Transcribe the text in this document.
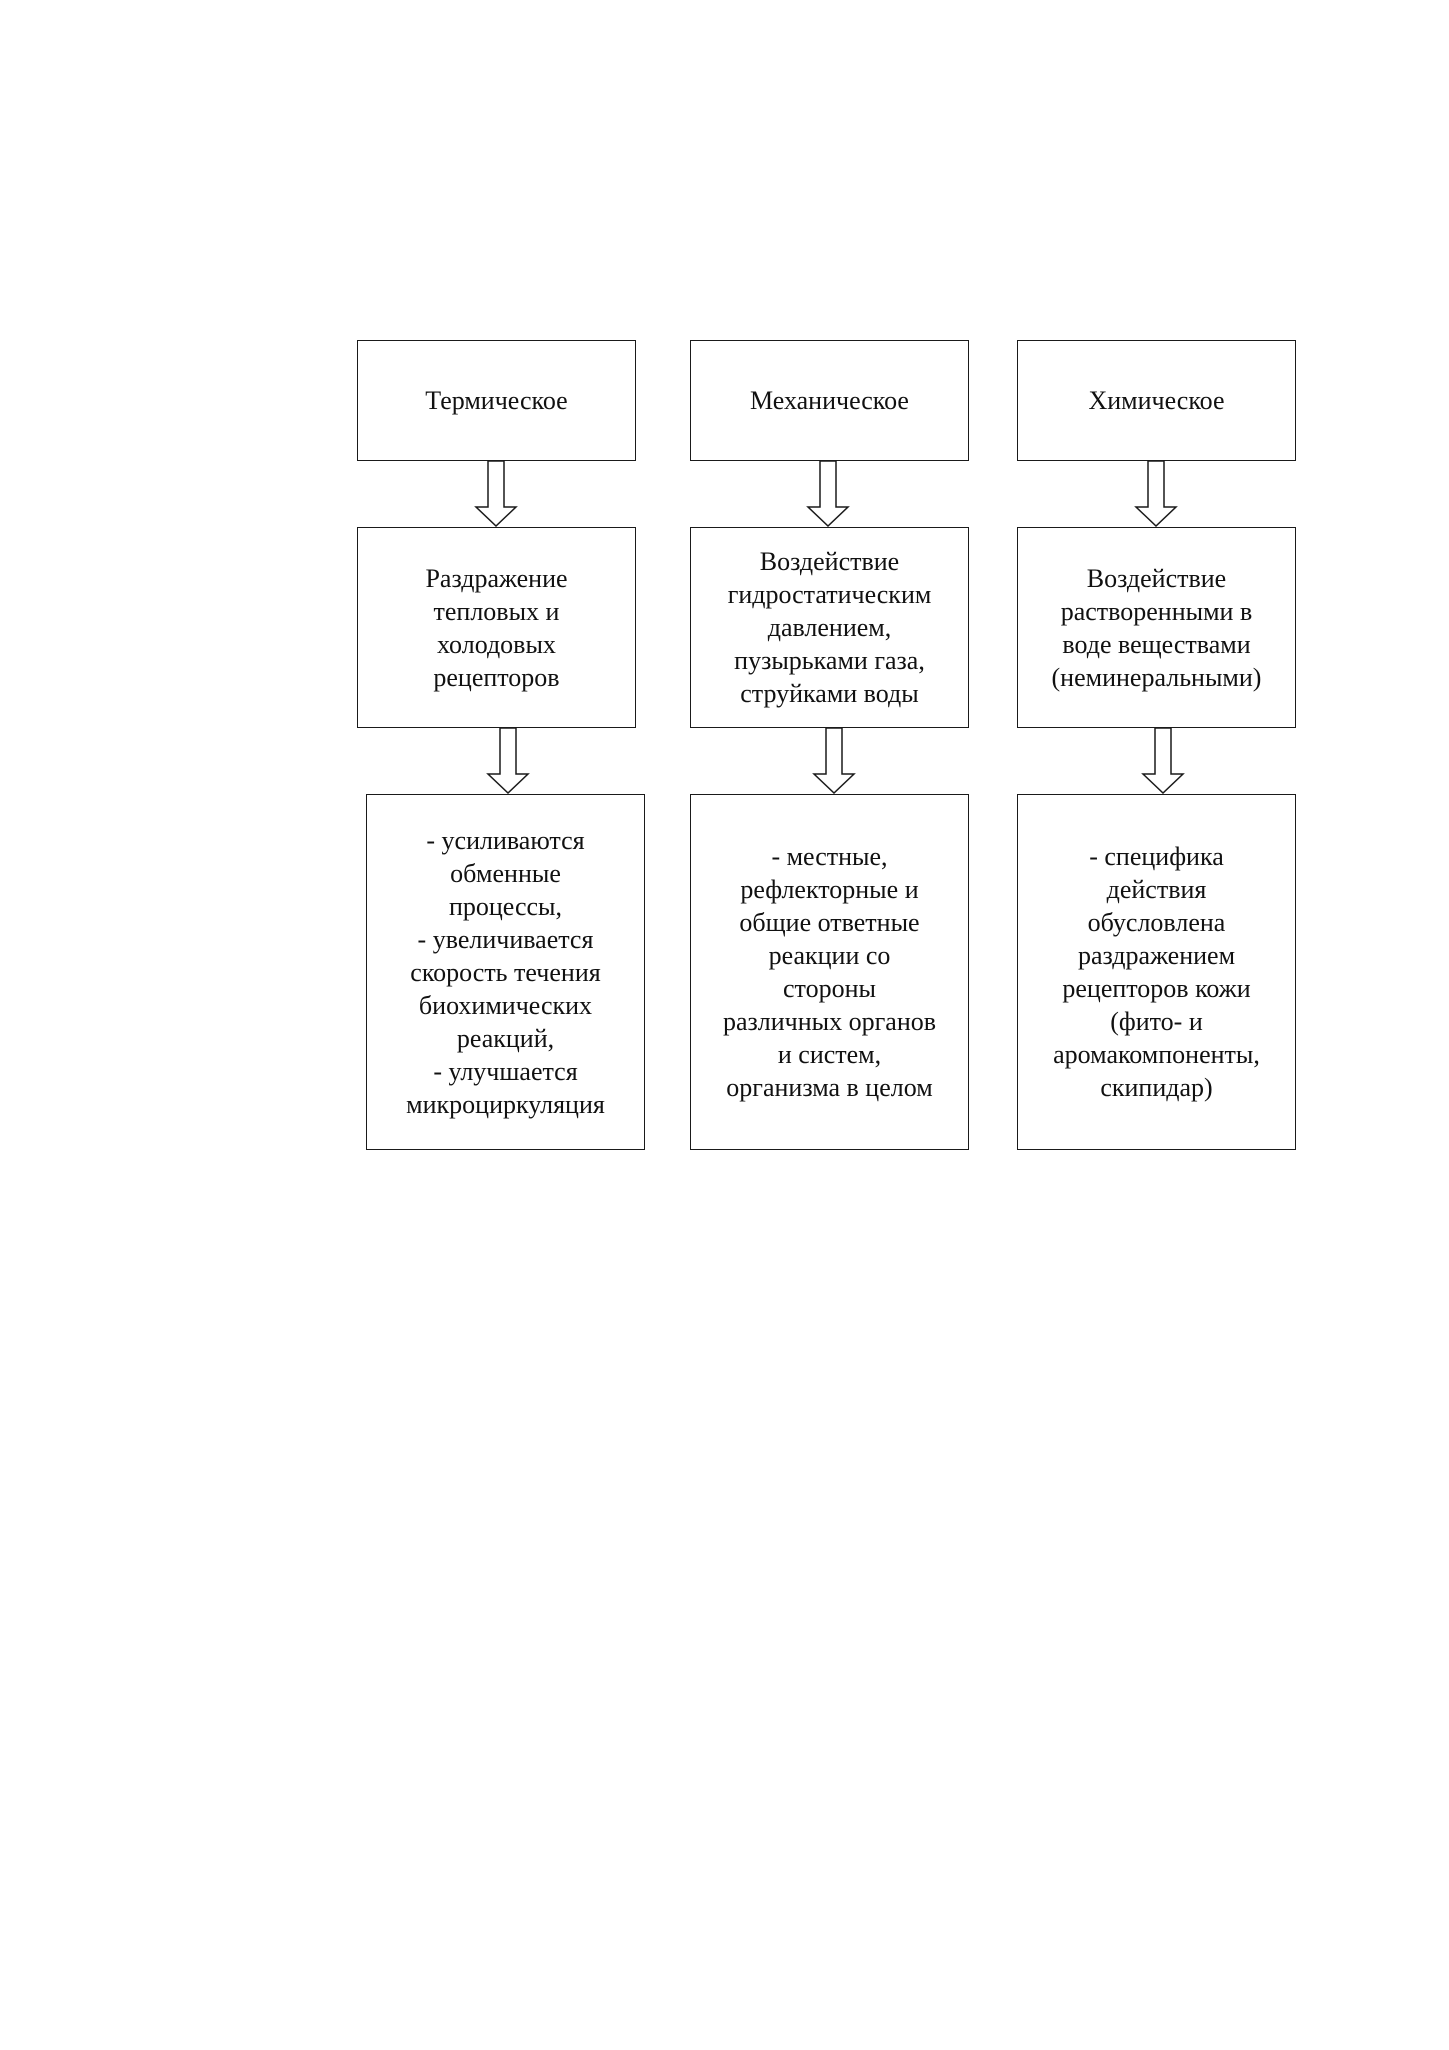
Термическое
Раздражение
тепловых и
холодовых
рецепторов
- усиливаются
обменные
процессы,
- увеличивается
скорость течения
биохимических
реакций,
- улучшается
микроциркуляция
Механическое
Воздействие
гидростатическим
давлением,
пузырьками газа,
струйками воды
- местные,
рефлекторные и
общие ответные
реакции со
стороны
различных органов
и систем,
организма в целом
Химическое
Воздействие
растворенными в
воде веществами
(неминеральными)
- специфика
действия
обусловлена
раздражением
рецепторов кожи
(фито- и
аромакомпоненты,
скипидар)
